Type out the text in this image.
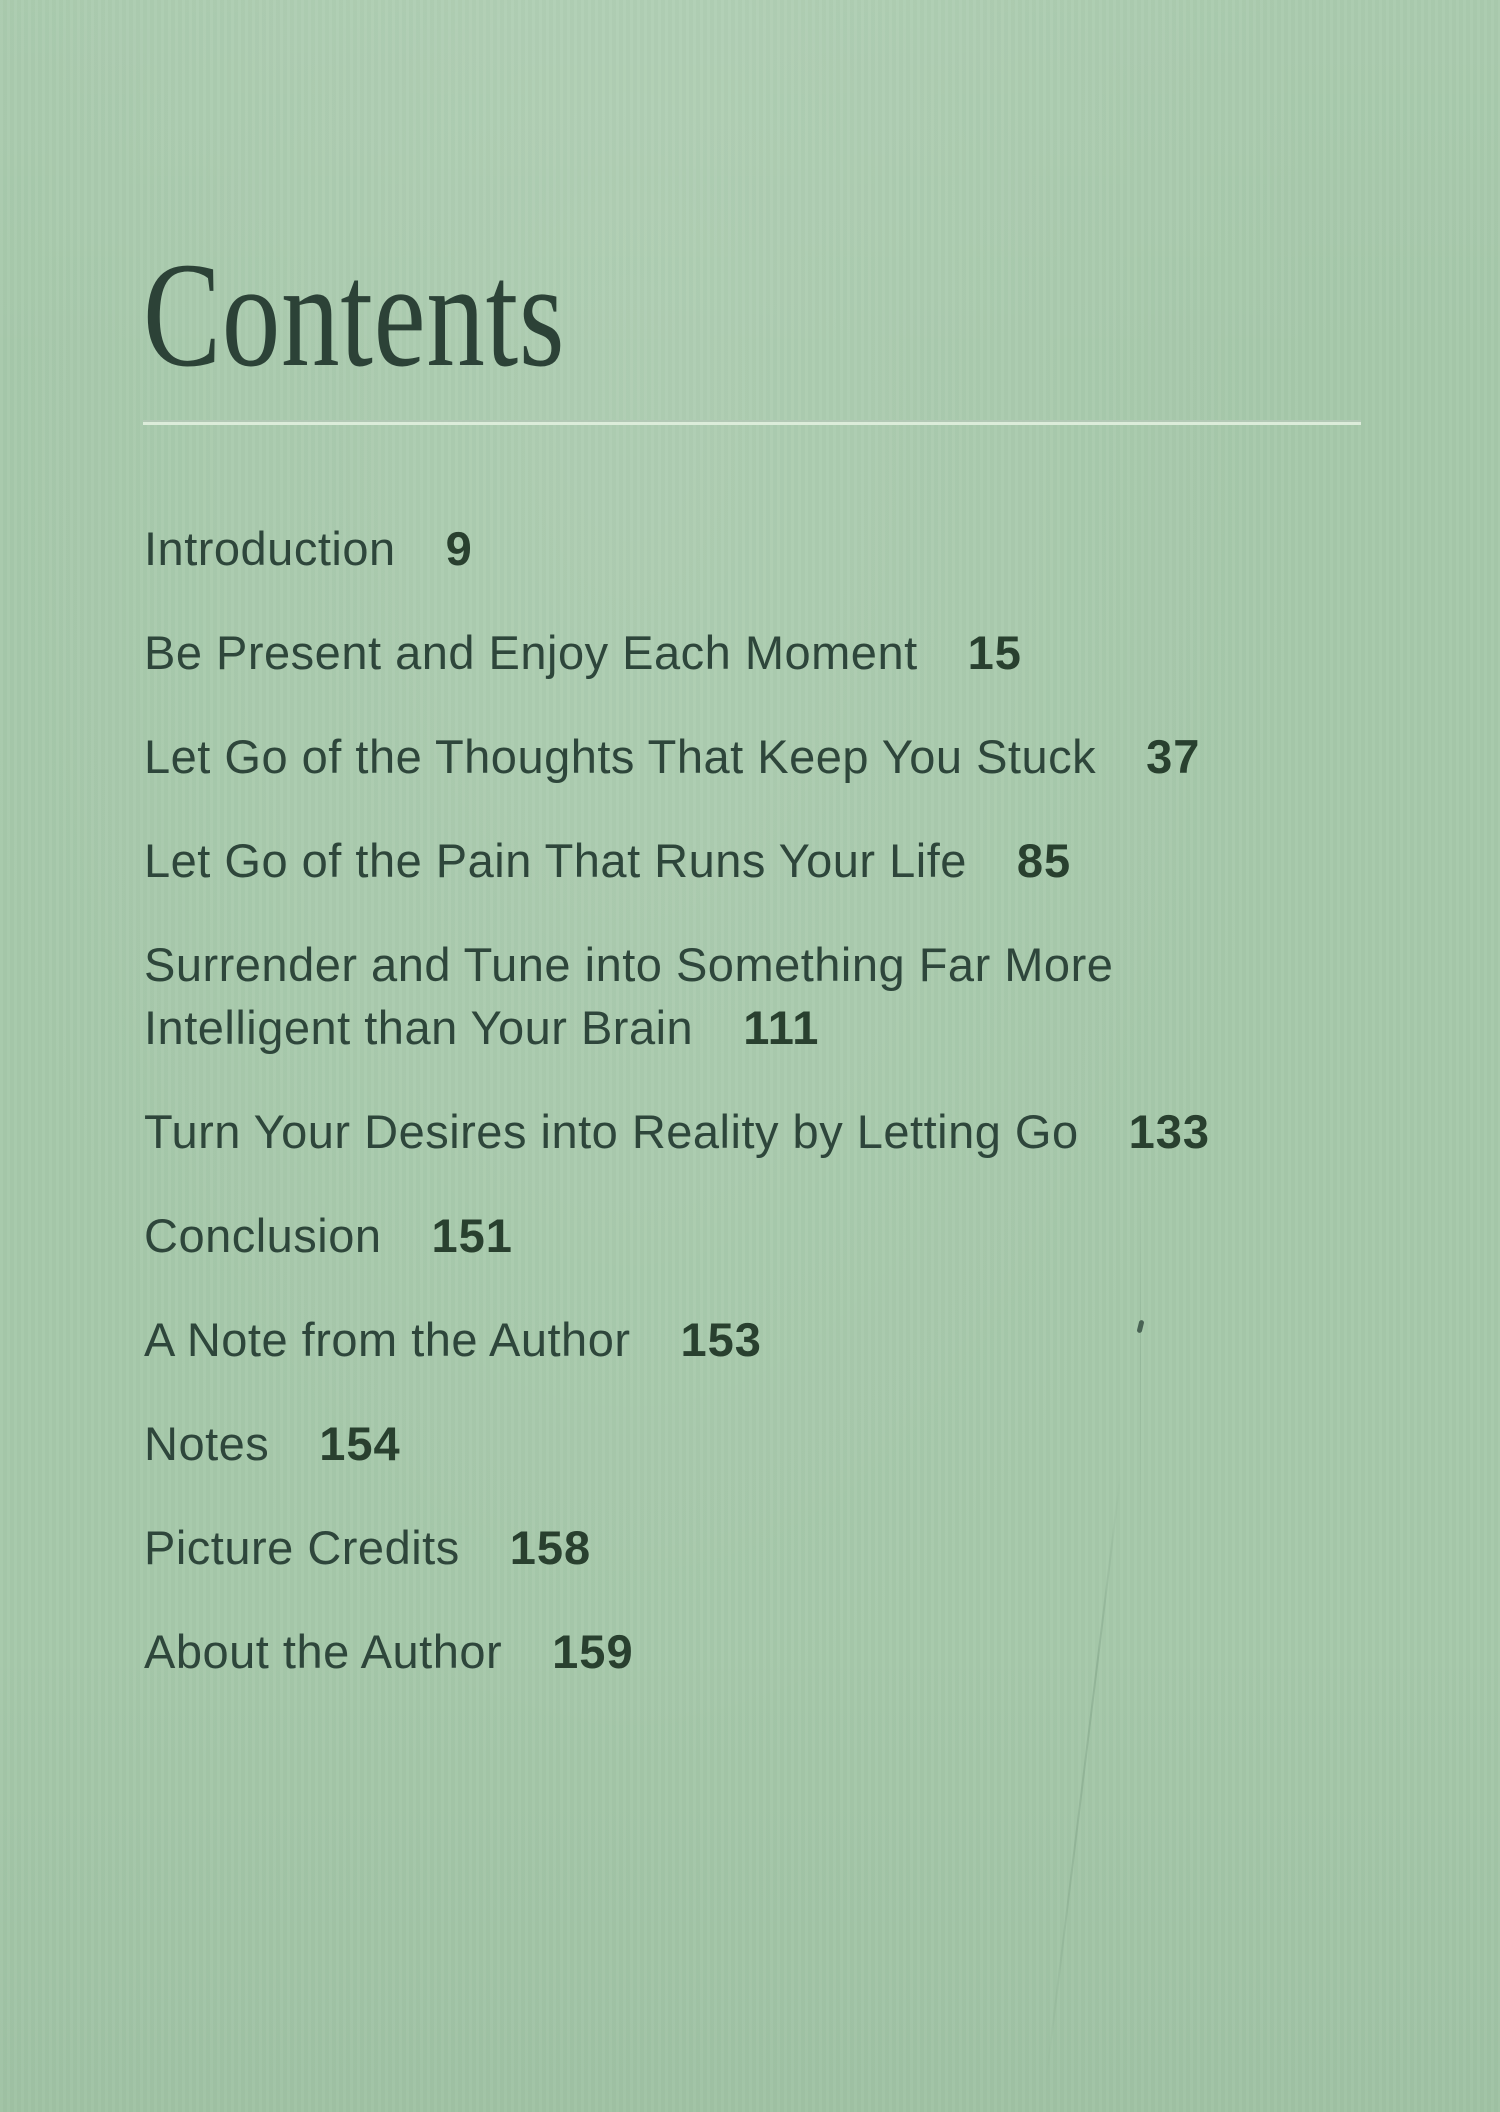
Contents
Introduction 9
Be Present and Enjoy Each Moment 15
Let Go of the Thoughts That Keep You Stuck 37
Let Go of the Pain That Runs Your Life 85
Surrender and Tune into Something Far More
Intelligent than Your Brain 111
Turn Your Desires into Reality by Letting Go 133
Conclusion 151
A Note from the Author 153
Notes 154
Picture Credits 158
About the Author 159
